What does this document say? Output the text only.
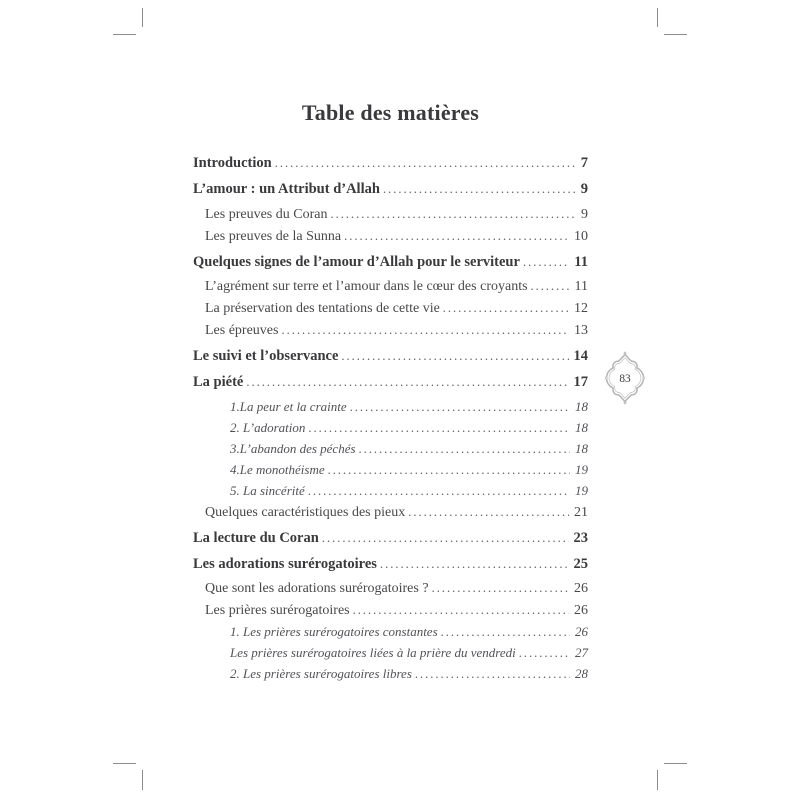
Table des matières
Introduction .....	7
L’amour : un Attribut d’Allah .....	9
Les preuves du Coran .....	9
Les preuves de la Sunna .....	10
Quelques signes de l’amour d’Allah pour le serviteur .....	11
L’agrément sur terre et l’amour dans le cœur des croyants .....	11
La préservation des tentations de cette vie .....	12
Les épreuves .....	13
Le suivi et l’observance .....	14
La piété .....	17
1.La peur et la crainte .....	18
2. L’adoration .....	18
3.L’abandon des péchés .....	18
4.Le monothéisme .....	19
5. La sincérité .....	19
Quelques caractéristiques des pieux .....	21
La lecture du Coran .....	23
Les adorations surérogatoires .....	25
Que sont les adorations surérogatoires ? .....	26
Les prières surérogatoires .....	26
1. Les prières surérogatoires constantes .....	26
Les prières surérogatoires liées à la prière du vendredi .....	27
2. Les prières surérogatoires libres .....	28
83
